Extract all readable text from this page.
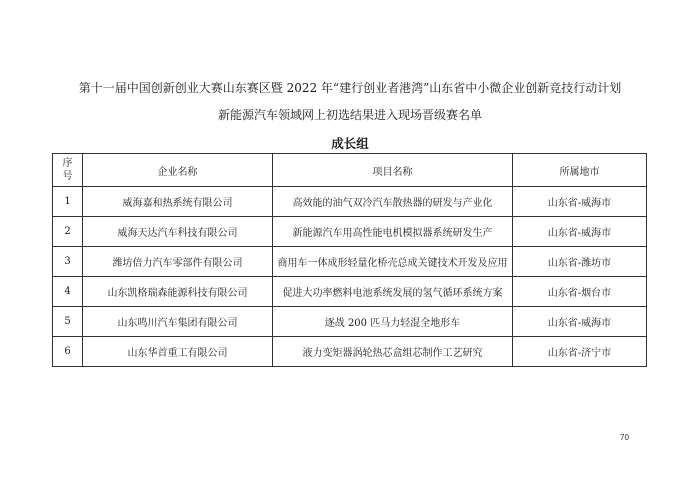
第十一届中国创新创业大赛山东赛区暨 2022 年“建行创业者港湾”山东省中小微企业创新竞技行动计划
新能源汽车领域网上初选结果进入现场晋级赛名单
成长组
序
号	企业名称	项目名称	所属地市
1	威海嘉和热系统有限公司	高效能的油气双冷汽车散热器的研发与产业化	山东省-威海市
2	威海天达汽车科技有限公司	新能源汽车用高性能电机模拟器系统研发生产	山东省-威海市
3	潍坊倍力汽车零部件有限公司	商用车一体成形轻量化桥壳总成关键技术开发及应用	山东省-潍坊市
4	山东凯格瑞森能源科技有限公司	促进大功率燃料电池系统发展的氢气循环系统方案	山东省-烟台市
5	山东鸣川汽车集团有限公司	逐战 200 匹马力轻混全地形车	山东省-威海市
6	山东华首重工有限公司	液力变矩器涡轮热芯盒组芯制作工艺研究	山东省-济宁市
70
